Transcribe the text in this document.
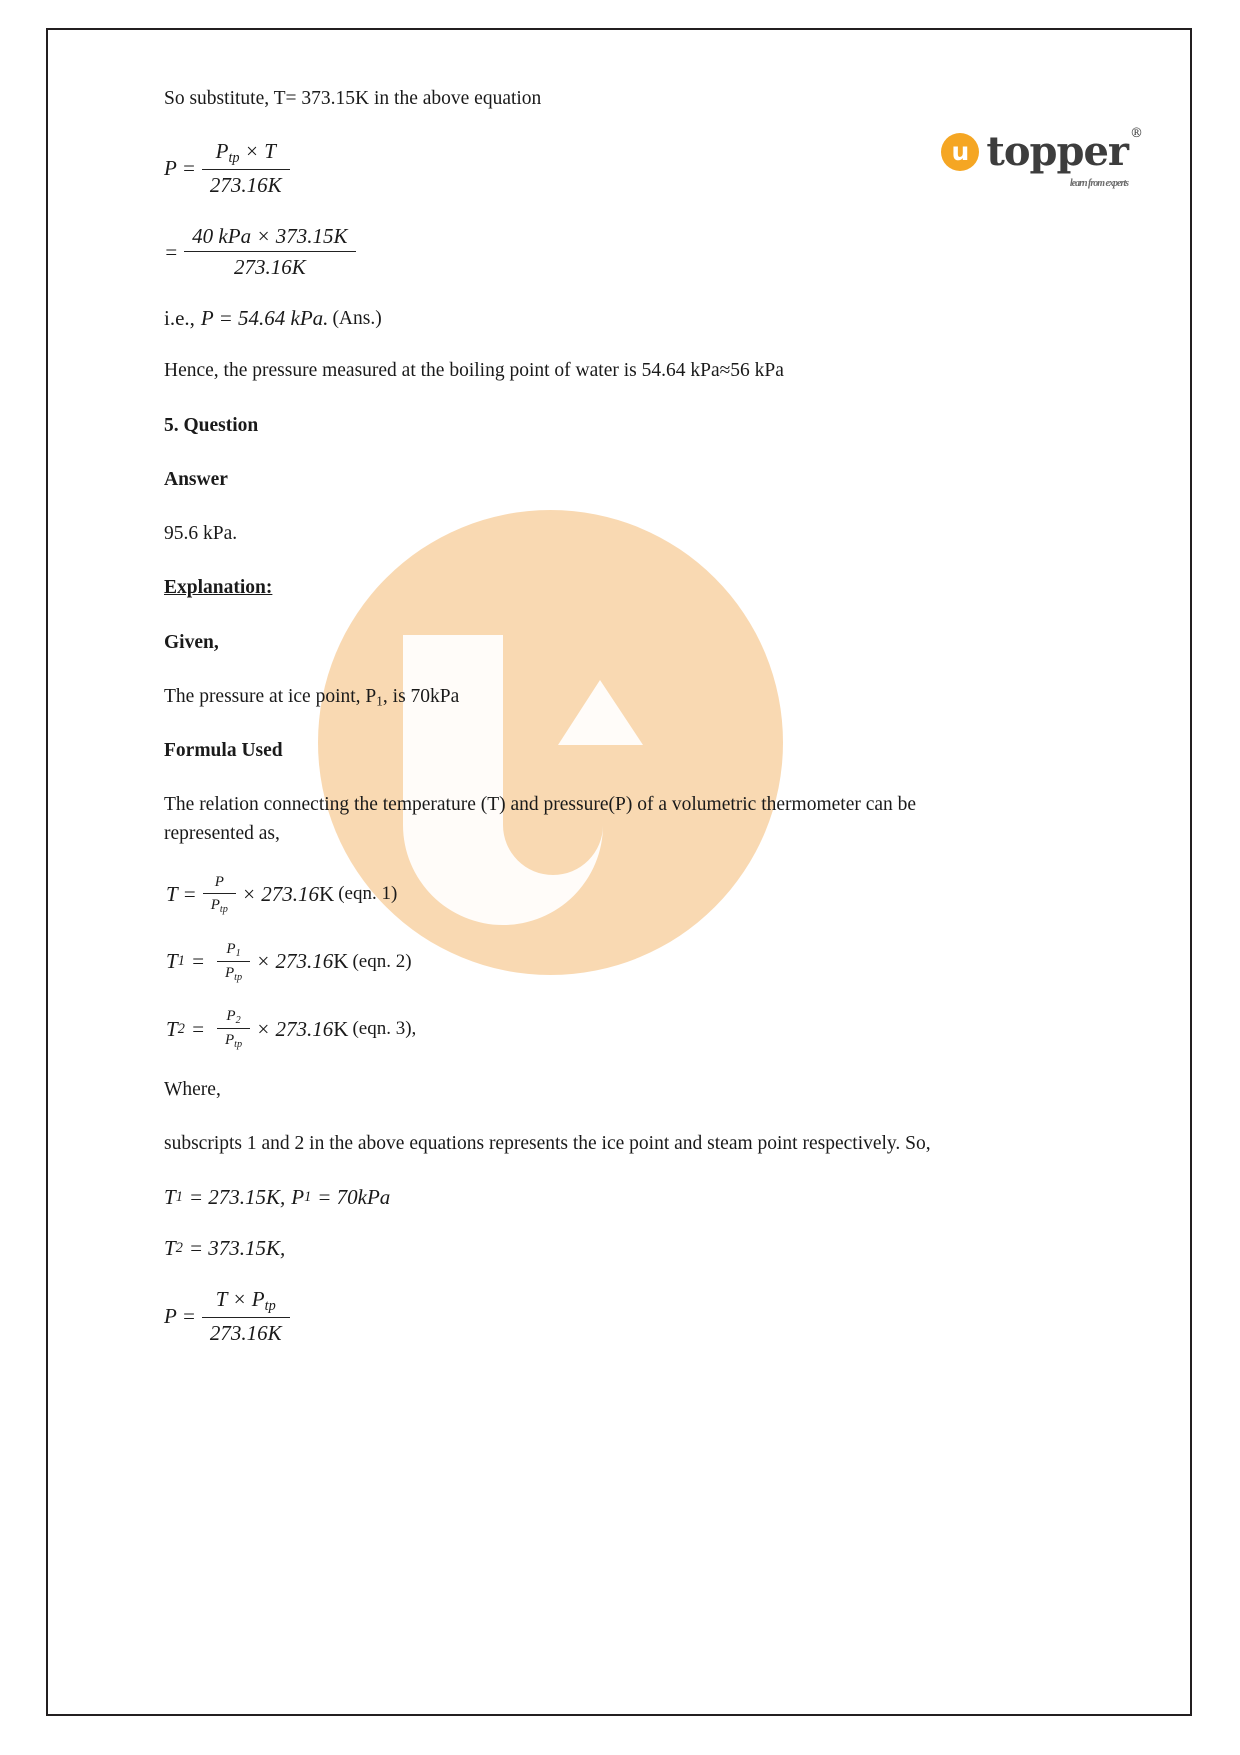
u topper ®
learn from experts

So substitute, T= 373.15K in the above equation

$P = \frac{P_{tp} \times T}{273.16K}$
= $\frac{\text{40 kPa × 373.15K}}{273.16K}$
i.e., P = 54.64 kPa. (Ans.)

Hence, the pressure measured at the boiling point of water is 54.64 kPa≈56 kPa

5. Question

Answer

95.6 kPa.

Explanation:

Given,

The pressure at ice point, $P_1$, is 70kPa

Formula Used

The relation connecting the temperature (T) and pressure(P) of a volumetric thermometer can be represented as,

$T = \frac{P}{P_{tp}} \times 273.16$ K (eqn. 1)
T $1 = \frac{P_1}{P_{tp}} \times 273.16$ K (eqn. 2)
T $2 = \frac{P_2}{P_{tp}} \times 273.16$ K (eqn. 3),

Where,

subscripts 1 and 2 in the above equations represents the ice point and steam point respectively. So,

T 1 = 273.15K, P 1 = 70kPa
T 2 = 373.15K,
$P = \frac{T \times P_{tp}}{273.16K}$
